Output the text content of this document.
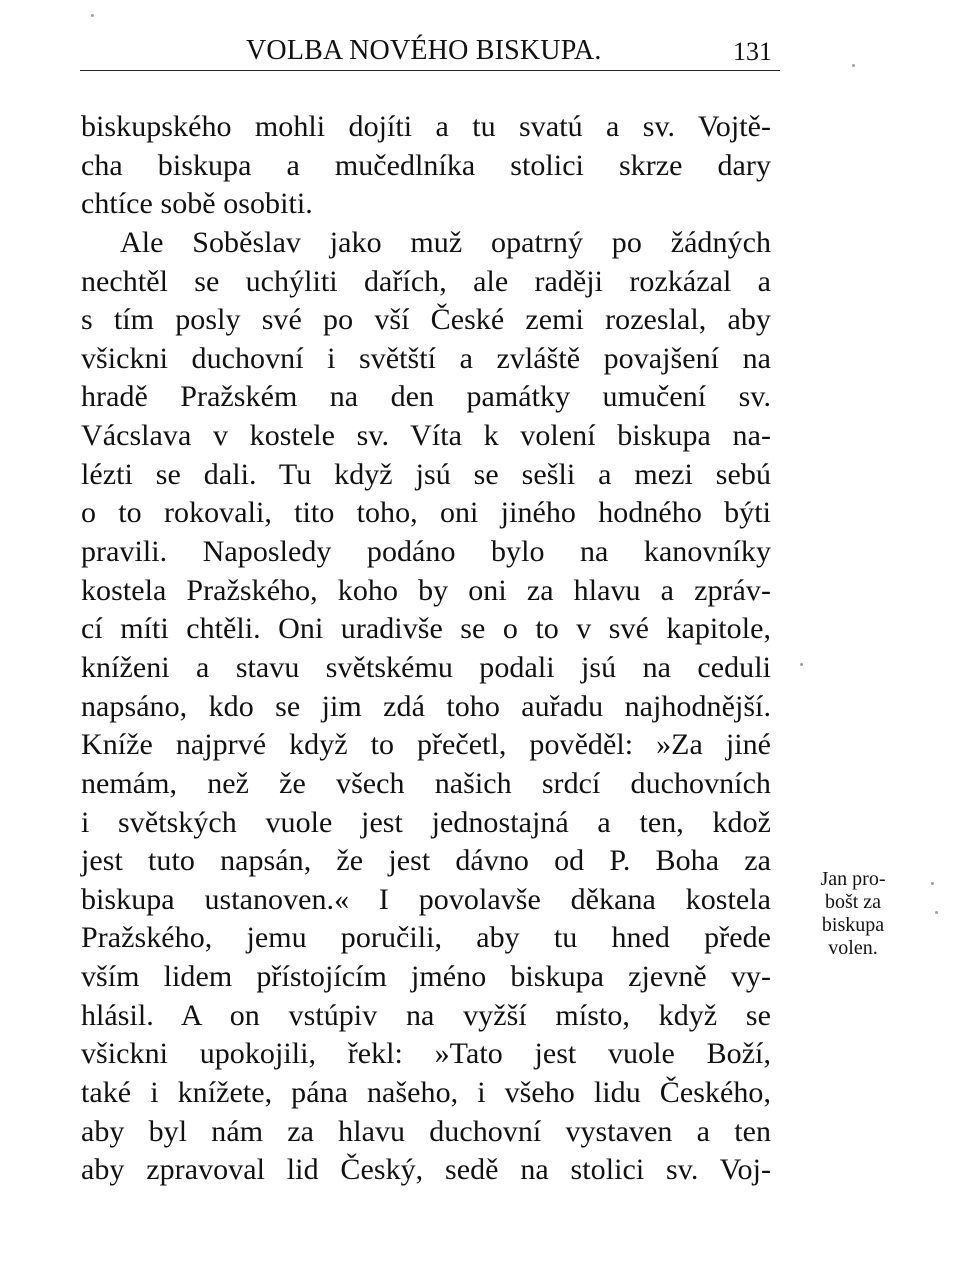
VOLBA NOVÉHO BISKUPA.	131
biskupského mohli dojíti a tu svatú a sv. Vojtě-
cha biskupa a mučedlníka stolici skrze dary
chtíce sobě osobiti.
Ale Soběslav jako muž opatrný po žádných
nechtěl se uchýliti dařích, ale raději rozkázal a
s tím posly své po vší České zemi rozeslal, aby
všickni duchovní i světští a zvláště povajšení na
hradě Pražském na den památky umučení sv.
Vácslava v kostele sv. Víta k volení biskupa na-
lézti se dali. Tu když jsú se sešli a mezi sebú
o to rokovali, tito toho, oni jiného hodného býti
pravili. Naposledy podáno bylo na kanovníky
kostela Pražského, koho by oni za hlavu a zpráv-
cí míti chtěli. Oni uradivše se o to v své kapitole,
kníženi a stavu světskému podali jsú na ceduli
napsáno, kdo se jim zdá toho auřadu najhodnější.
Kníže najprvé když to přečetl, pověděl: »Za jiné
nemám, než že všech našich srdcí duchovních
i světských vuole jest jednostajná a ten, kdož
jest tuto napsán, že jest dávno od P. Boha za
biskupa ustanoven.« I povolavše děkana kostela
Pražského, jemu poručili, aby tu hned přede
vším lidem přístojícím jméno biskupa zjevně vy-
hlásil. A on vstúpiv na vyžší místo, když se
všickni upokojili, řekl: »Tato jest vuole Boží,
také i knížete, pána našeho, i všeho lidu Českého,
aby byl nám za hlavu duchovní vystaven a ten
aby zpravoval lid Český, sedě na stolici sv. Voj-
Jan pro-
bošt za
biskupa
volen.
